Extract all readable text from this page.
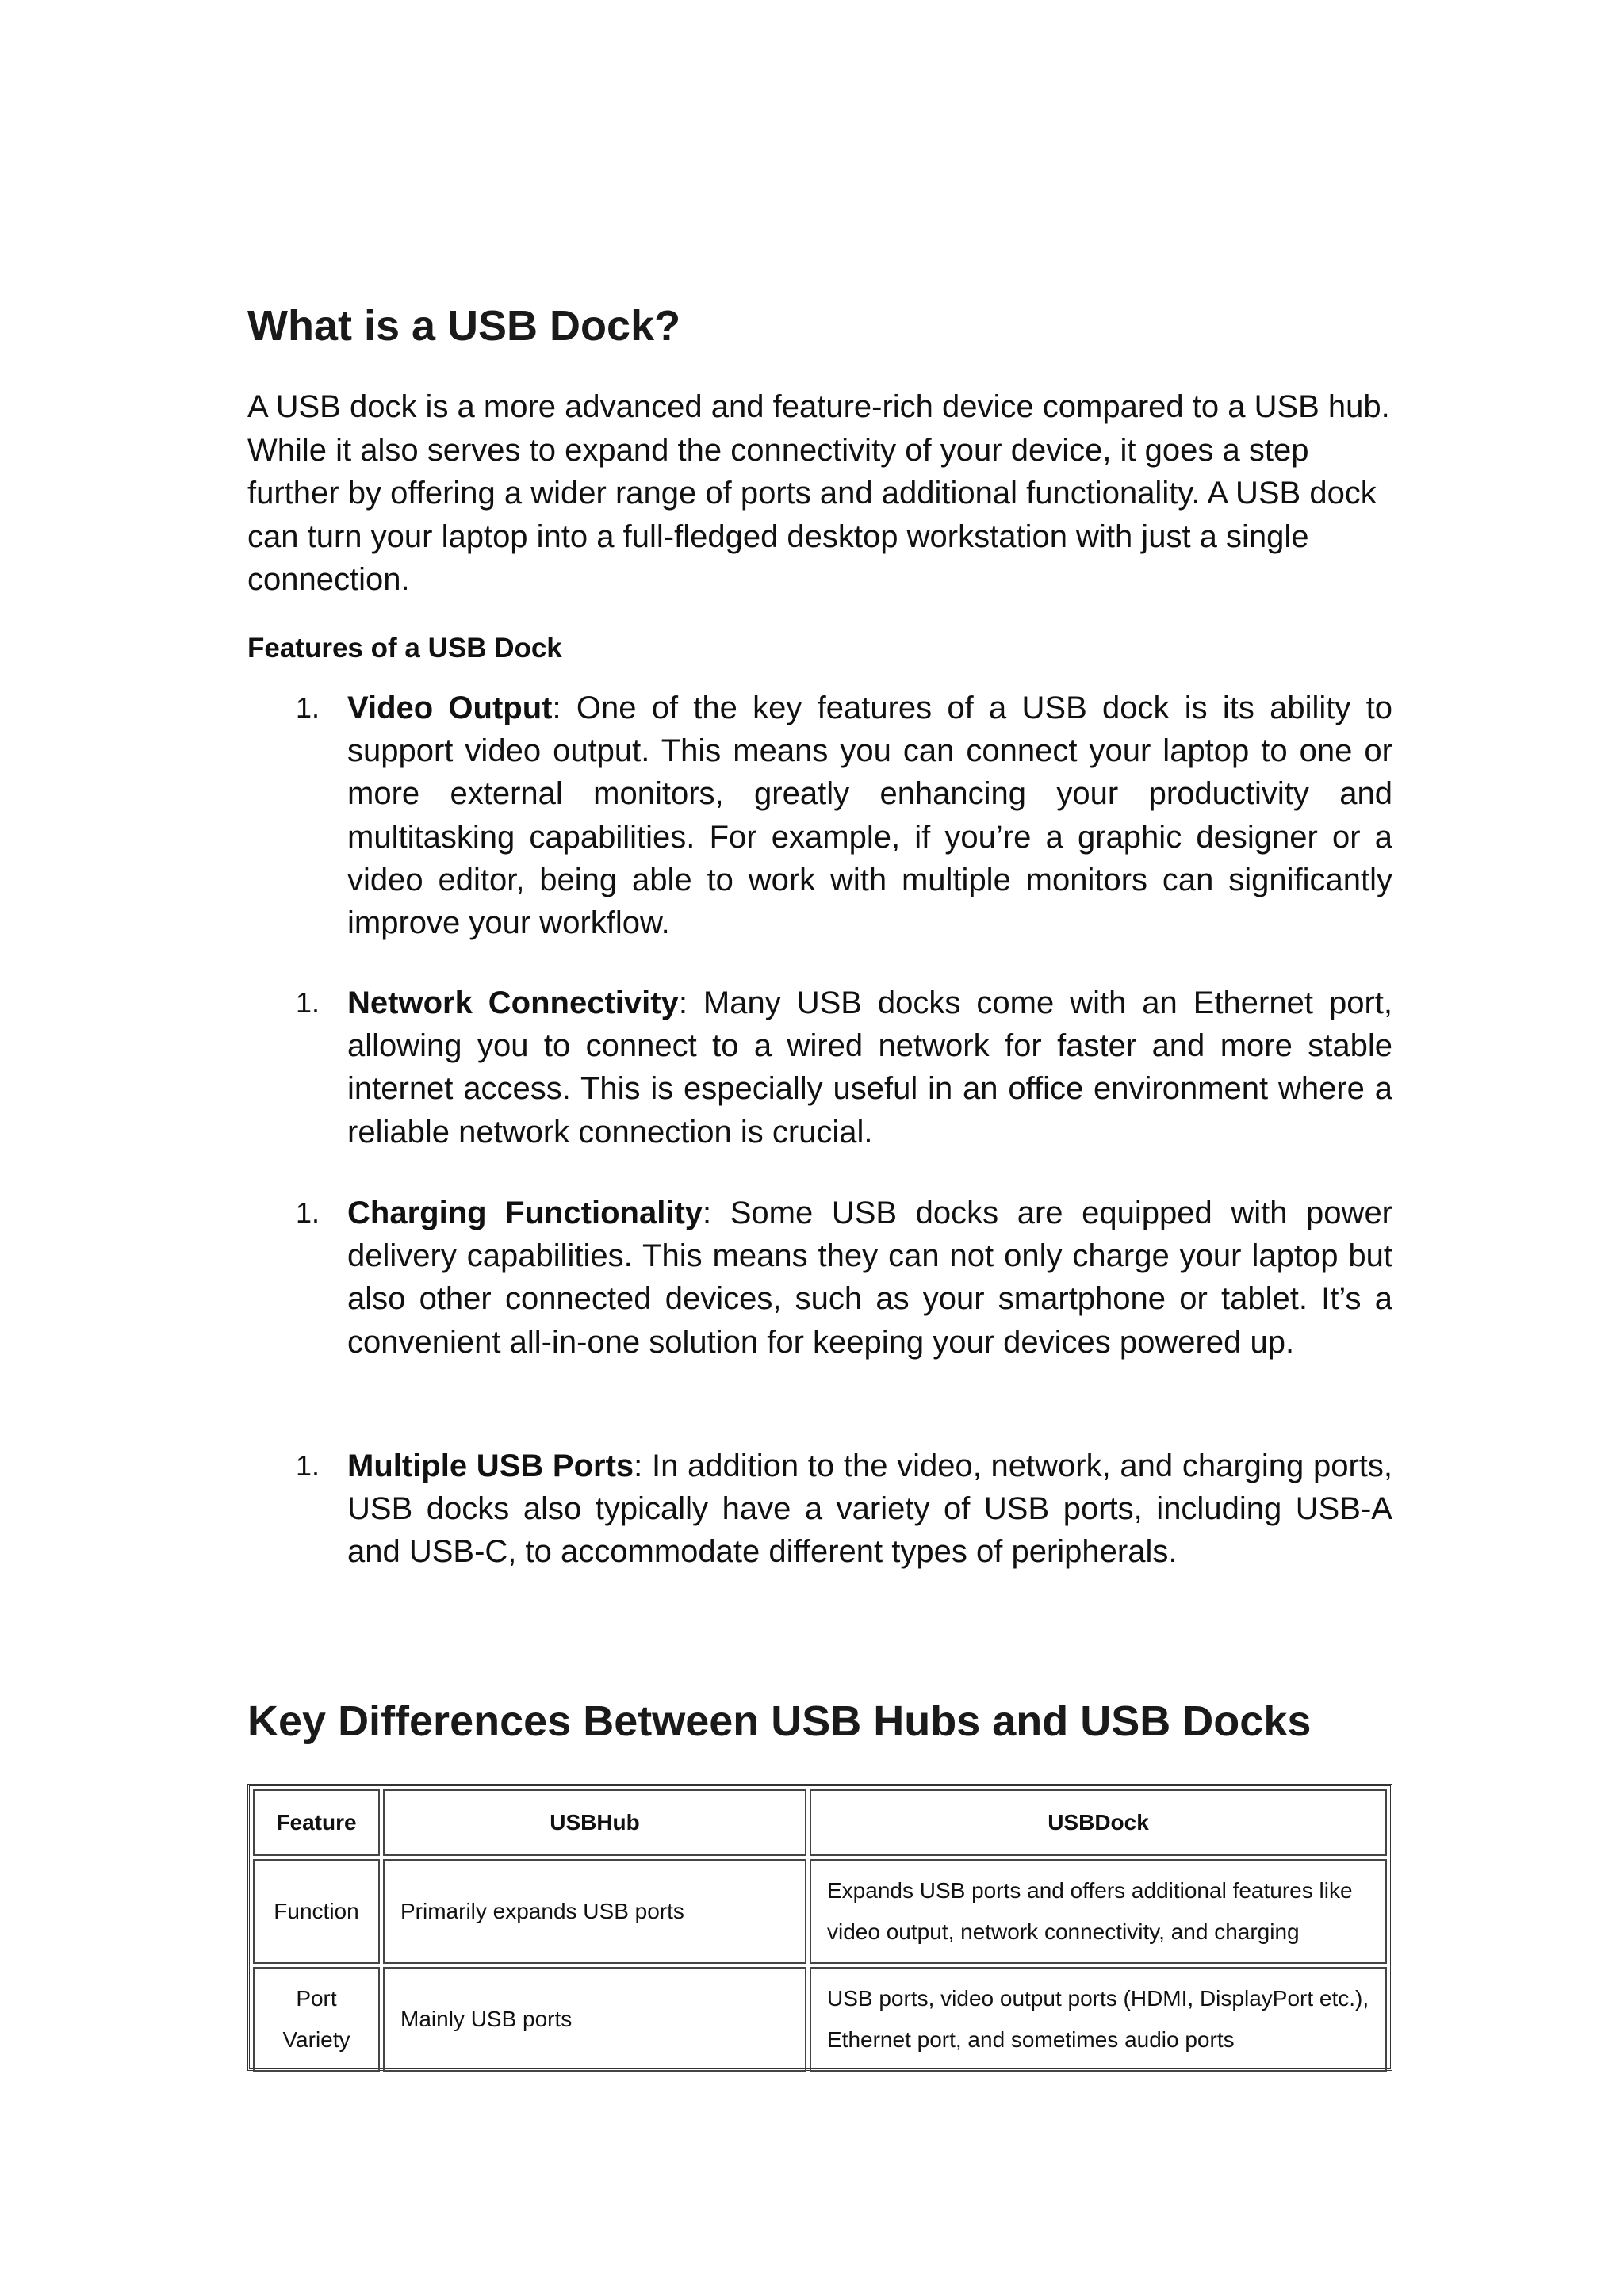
What is a USB Dock?

A USB dock is a more advanced and feature-rich device compared to a USB hub. While it also serves to expand the connectivity of your device, it goes a step further by offering a wider range of ports and additional functionality. A USB dock can turn your laptop into a full-fledged desktop workstation with just a single connection.

Features of a USB Dock

1. Video Output: One of the key features of a USB dock is its ability to support video output. This means you can connect your laptop to one or more external monitors, greatly enhancing your productivity and multitasking capabilities. For example, if you’re a graphic designer or a video editor, being able to work with multiple monitors can significantly improve your workflow.

1. Network Connectivity: Many USB docks come with an Ethernet port, allowing you to connect to a wired network for faster and more stable internet access. This is especially useful in an office environment where a reliable network connection is crucial.

1. Charging Functionality: Some USB docks are equipped with power delivery capabilities. This means they can not only charge your laptop but also other connected devices, such as your smartphone or tablet. It’s a convenient all-in-one solution for keeping your devices powered up.

1. Multiple USB Ports: In addition to the video, network, and charging ports, USB docks also typically have a variety of USB ports, including USB-A and USB-C, to accommodate different types of peripherals.

Key Differences Between USB Hubs and USB Docks
Feature	USBHub	USBDock
Function	Primarily expands USB ports	Expands USB ports and offers additional features like video output, network connectivity, and charging
Port Variety	Mainly USB ports	USB ports, video output ports (HDMI, DisplayPort etc.), Ethernet port, and sometimes audio ports
